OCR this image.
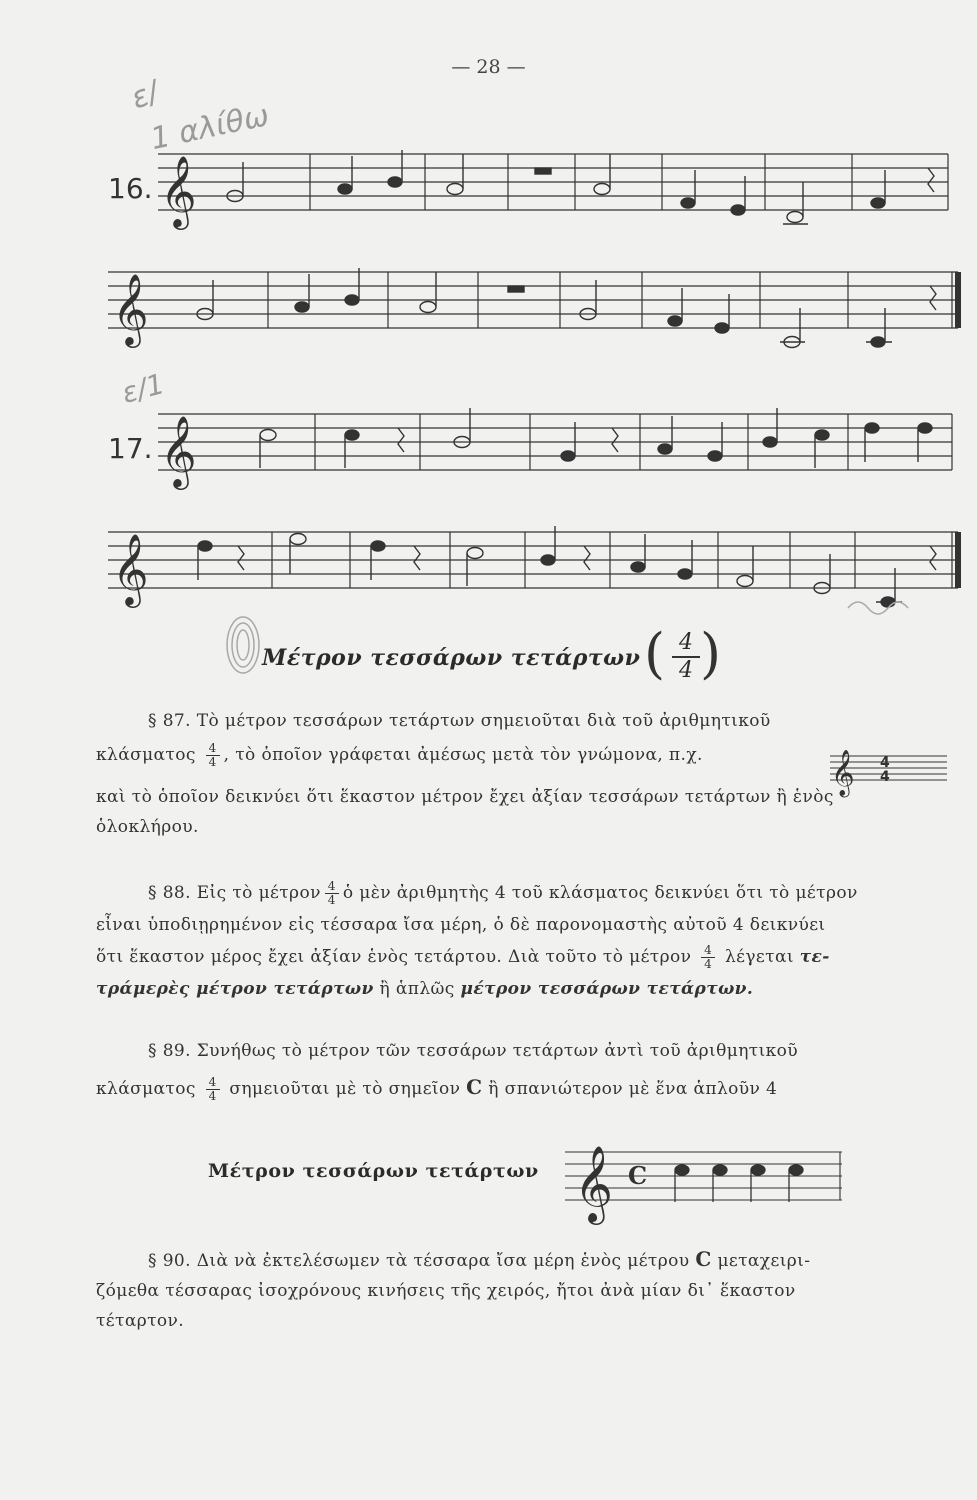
— 28 —
ε/
1 αλίθω
ε/1
16. 𝄞
𝄞
17. 𝄞
𝄞
Μέτρον τεσσάρων τετάρτων ( 4
4 )
§ 87. Τὸ μέτρον τεσσάρων τετάρτων σημειοῦται διὰ τοῦ ἀριθμητικοῦ
κλάσματος $\frac{4}{4}$ , τὸ ὁποῖον γράφεται ἀμέσως μετὰ τὸν γνώμονα, π.χ.
καὶ τὸ ὁποῖον δεικνύει ὅτι ἕκαστον μέτρον ἔχει ἀξίαν τεσσάρων τετάρτων ἢ ἑνὸς
ὁλοκλήρου.
𝄞 4
4
§ 88. Εἰς τὸ μέτρον $\frac{4}{4}$ ὁ μὲν ἀριθμητὴς 4 τοῦ κλάσματος δεικνύει ὅτι τὸ μέτρον
εἶναι ὑποδιῃρημένον εἰς τέσσαρα ἴσα μέρη, ὁ δὲ παρονομαστὴς αὐτοῦ 4 δεικνύει
ὅτι ἕκαστον μέρος ἔχει ἀξίαν ἑνὸς τετάρτου. Διὰ τοῦτο τὸ μέτρον $\frac{4}{4}$ λέγεται τε-
τράμερὲς μέτρον τετάρτων ἢ ἁπλῶς μέτρον τεσσάρων τετάρτων.
§ 89. Συνήθως τὸ μέτρον τῶν τεσσάρων τετάρτων ἀντὶ τοῦ ἀριθμητικοῦ
κλάσματος $\frac{4}{4}$ σημειοῦται μὲ τὸ σημεῖον C ἢ σπανιώτερον μὲ ἕνα ἁπλοῦν 4
Μέτρον τεσσάρων τετάρτων 𝄞 C
§ 90. Διὰ νὰ ἐκτελέσωμεν τὰ τέσσαρα ἴσα μέρη ἑνὸς μέτρου C μεταχειρι-
ζόμεθα τέσσαρας ἰσοχρόνους κινήσεις τῆς χειρός, ἤτοι ἀνὰ μίαν δι᾽ ἕκαστον
τέταρτον.
